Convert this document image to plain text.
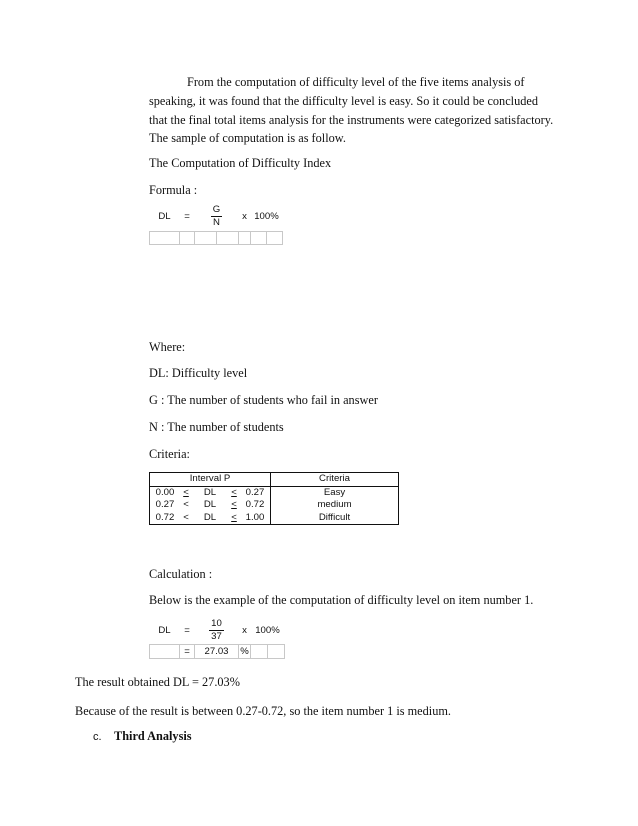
From the computation of difficulty level of the five items analysis of
speaking, it was found that the difficulty level is easy. So it could be concluded
that the final total items analysis for the instruments were categorized satisfactory.
The sample of computation is as follow.
The Computation of Difficulty Index
Formula :
DL	=	$\frac{G}{N}$		x	100%	

Where:
DL: Difficulty level
G : The number of students who fail in answer
N : The number of students
Criteria:
Interval P					Criteria
0.00	<	DL	<	0.27	Easy
0.27	<	DL	<	0.72	medium
0.72	<	DL	<	1.00	Difficult
Calculation :
Below is the example of the computation of difficulty level on item number 1.
DL	=	$\frac{10}{37}$	x	100%	
	=	27.03	%		
The result obtained DL = 27.03%
Because of the result is between 0.27-0.72, so the item number 1 is medium.
c. Third Analysis
